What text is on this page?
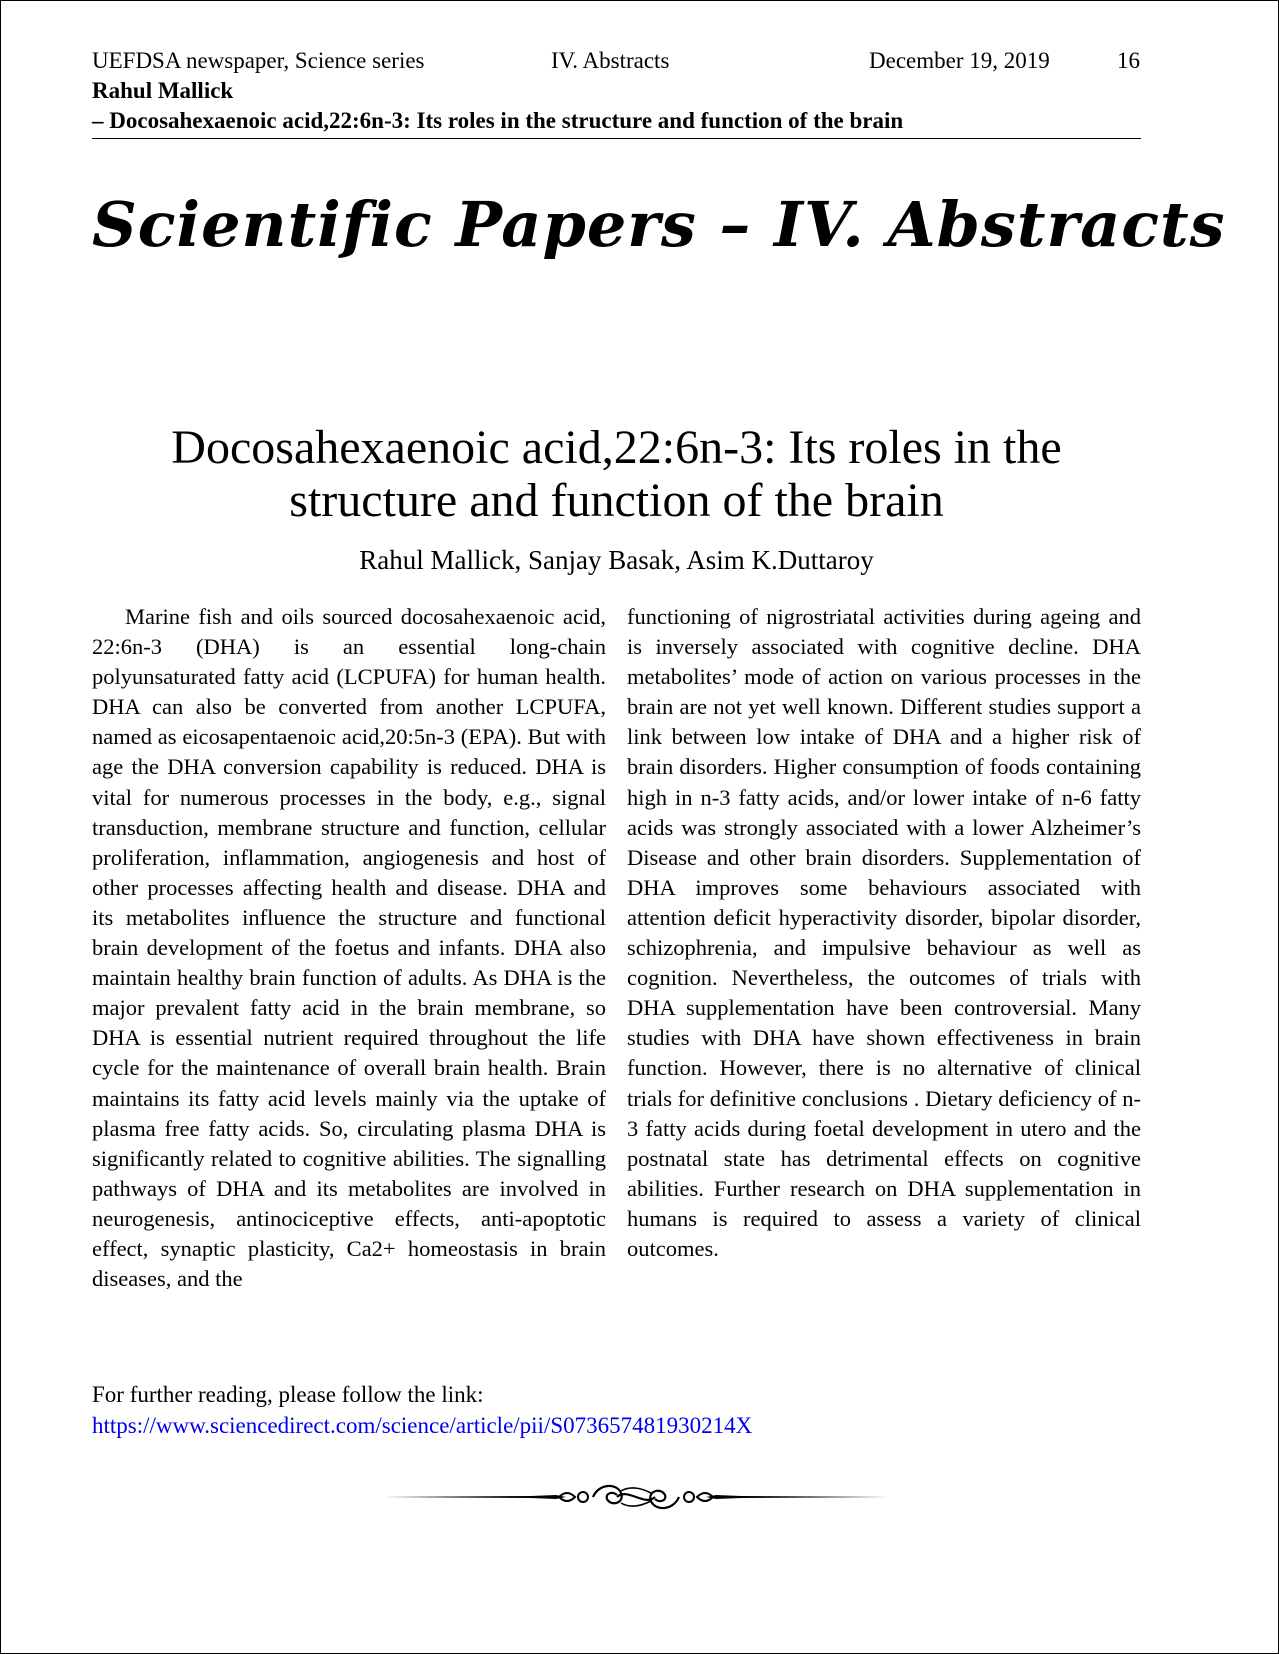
UEFDSA newspaper, Science series	IV. Abstracts	December 19, 2019	16
Rahul Mallick
– Docosahexaenoic acid,22:6n-3: Its roles in the structure and function of the brain
Scientific Papers – IV. Abstracts
Docosahexaenoic acid,22:6n-3: Its roles in the structure and function of the brain
Rahul Mallick, Sanjay Basak, Asim K.Duttaroy
Marine fish and oils sourced docosahexaenoic acid, 22:6n-3 (DHA) is an essential long-chain polyunsaturated fatty acid (LCPUFA) for human health. DHA can also be converted from another LCPUFA, named as eicosapentaenoic acid,20:5n-3 (EPA). But with age the DHA conversion capability is reduced. DHA is vital for numerous processes in the body, e.g., signal transduction, membrane structure and function, cellular proliferation, inflammation, angiogenesis and host of other processes affecting health and disease. DHA and its metabolites influence the structure and functional brain development of the foetus and infants. DHA also maintain healthy brain function of adults. As DHA is the major prevalent fatty acid in the brain membrane, so DHA is essential nutrient required throughout the life cycle for the maintenance of overall brain health. Brain maintains its fatty acid levels mainly via the uptake of plasma free fatty acids. So, circulating plasma DHA is significantly related to cognitive abilities. The signalling pathways of DHA and its metabolites are involved in neurogenesis, antinociceptive effects, anti-apoptotic effect, synaptic plasticity, Ca2+ homeostasis in brain diseases, and the
functioning of nigrostriatal activities during ageing and is inversely associated with cognitive decline. DHA metabolites’ mode of action on various processes in the brain are not yet well known. Different studies support a link between low intake of DHA and a higher risk of brain disorders. Higher consumption of foods containing high in n-3 fatty acids, and/or lower intake of n-6 fatty acids was strongly associated with a lower Alzheimer’s Disease and other brain disorders. Supplementation of DHA improves some behaviours associated with attention deficit hyperactivity disorder, bipolar disorder, schizophrenia, and impulsive behaviour as well as cognition. Nevertheless, the outcomes of trials with DHA supplementation have been controversial. Many studies with DHA have shown effectiveness in brain function. However, there is no alternative of clinical trials for definitive conclusions . Dietary deficiency of n-3 fatty acids during foetal development in utero and the postnatal state has detrimental effects on cognitive abilities. Further research on DHA supplementation in humans is required to assess a variety of clinical outcomes.
For further reading, please follow the link:
https://www.sciencedirect.com/science/article/pii/S073657481930214X
